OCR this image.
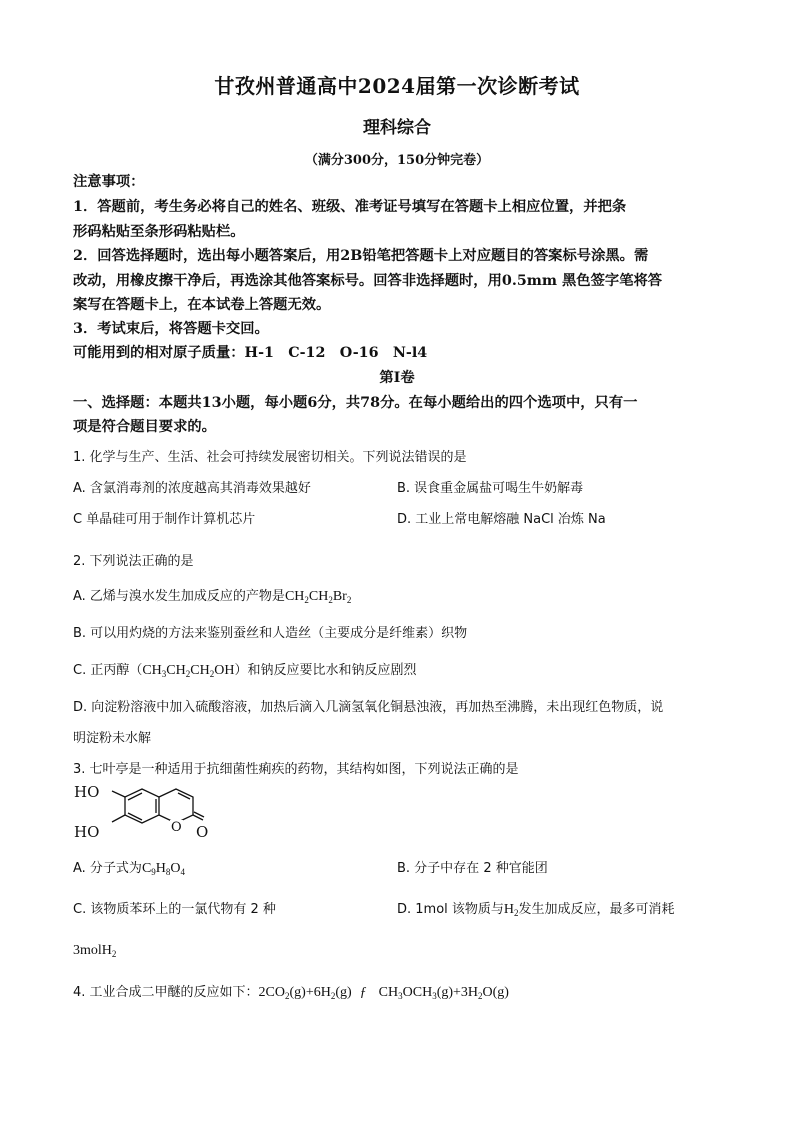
甘孜州普通高中2024届第一次诊断考试
理科综合
（满分300分，150分钟完卷）
注意事项：
1．答题前，考生务必将自己的姓名、班级、准考证号填写在答题卡上相应位置，并把条
形码粘贴至条形码粘贴栏。
2．回答选择题时，选出每小题答案后，用2B铅笔把答题卡上对应题目的答案标号涂黑。需
改动，用橡皮擦干净后，再选涂其他答案标号。回答非选择题时，用0.5mm 黑色签字笔将答
案写在答题卡上，在本试卷上答题无效。
3．考试束后，将答题卡交回。
可能用到的相对原子质量：H-1　C-12　O-16　N-l4
第Ⅰ卷
一、选择题：本题共13小题，每小题6分，共78分。在每小题给出的四个选项中，只有一
项是符合题目要求的。
1. 化学与生产、生活、社会可持续发展密切相关。下列说法错误的是
A. 含氯消毒剂的浓度越高其消毒效果越好	B. 误食重金属盐可喝生牛奶解毒
C 单晶硅可用于制作计算机芯片	D. 工业上常电解熔融 NaCl 冶炼 Na
2. 下列说法正确的是
A. 乙烯与溴水发生加成反应的产物是$CH_2CH_2Br_2$
B. 可以用灼烧的方法来鉴别蚕丝和人造丝（主要成分是纤维素）织物
C. 正丙醇$(CH_3CH_2CH_2OH)$和钠反应要比水和钠反应剧烈
D. 向淀粉溶液中加入硫酸溶液，加热后滴入几滴氢氧化铜悬浊液，再加热至沸腾，未出现红色物质，说
明淀粉未水解
3. 七叶亭是一种适用于抗细菌性痢疾的药物，其结构如图，下列说法正确的是
HO
HO	O O
A. 分子式为$C_9H_8O_4$	B. 分子中存在 2 种官能团
C. 该物质苯环上的一氯代物有 2 种	D. 1mol 该物质与$H_2$发生加成反应，最多可消耗
3molH$_2$
4. 工业合成二甲醚的反应如下：$2CO_2(g)+6H_2(g)$ ƒ $CH_3OCH_3(g)+3H_2O(g)$
